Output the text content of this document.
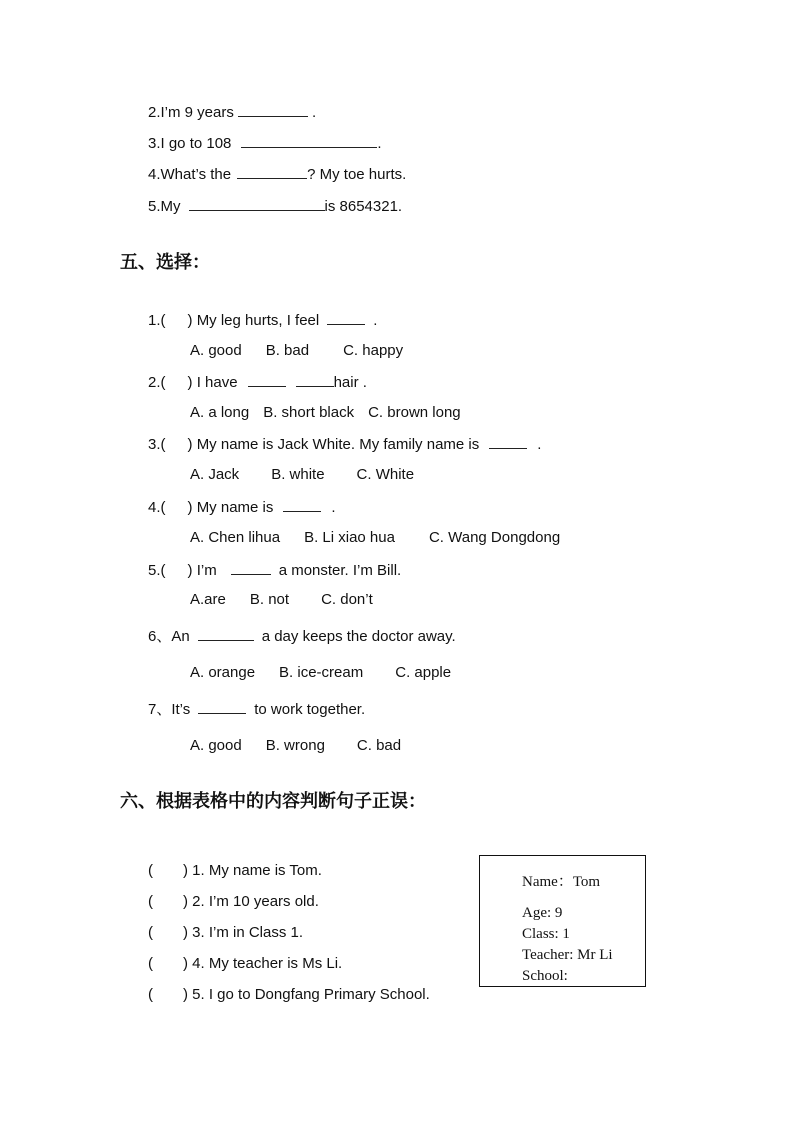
2.I’m 9 years	.
3.I go to 108	.
4.What’s the	? My toe hurts.
5.My	is 8654321.
五、选择：
1.( ) My leg hurts, I feel	.
A. good B. bad C. happy
2.( ) I have	hair .
A. a long B. short black C. brown long
3.( ) My name is Jack White. My family name is	.
A. Jack B. white C. White
4.( ) My name is	.
A. Chen lihua B. Li xiao hua C. Wang Dongdong
5.( ) I’m	a monster. I’m Bill.
A.are B. not C. don’t
6、An	a day keeps the doctor away.
A. orange B. ice-cream C. apple
7、It’s	to work together.
A. good B. wrong C. bad
六、根据表格中的内容判断句子正误：
( ) 1. My name is Tom.
( ) 2. I’m 10 years old.
( ) 3. I’m in Class 1.
( ) 4. My teacher is Ms Li.
( ) 5. I go to Dongfang Primary School.
Name：Tom
Age: 9
Class: 1
Teacher: Mr Li
School:
